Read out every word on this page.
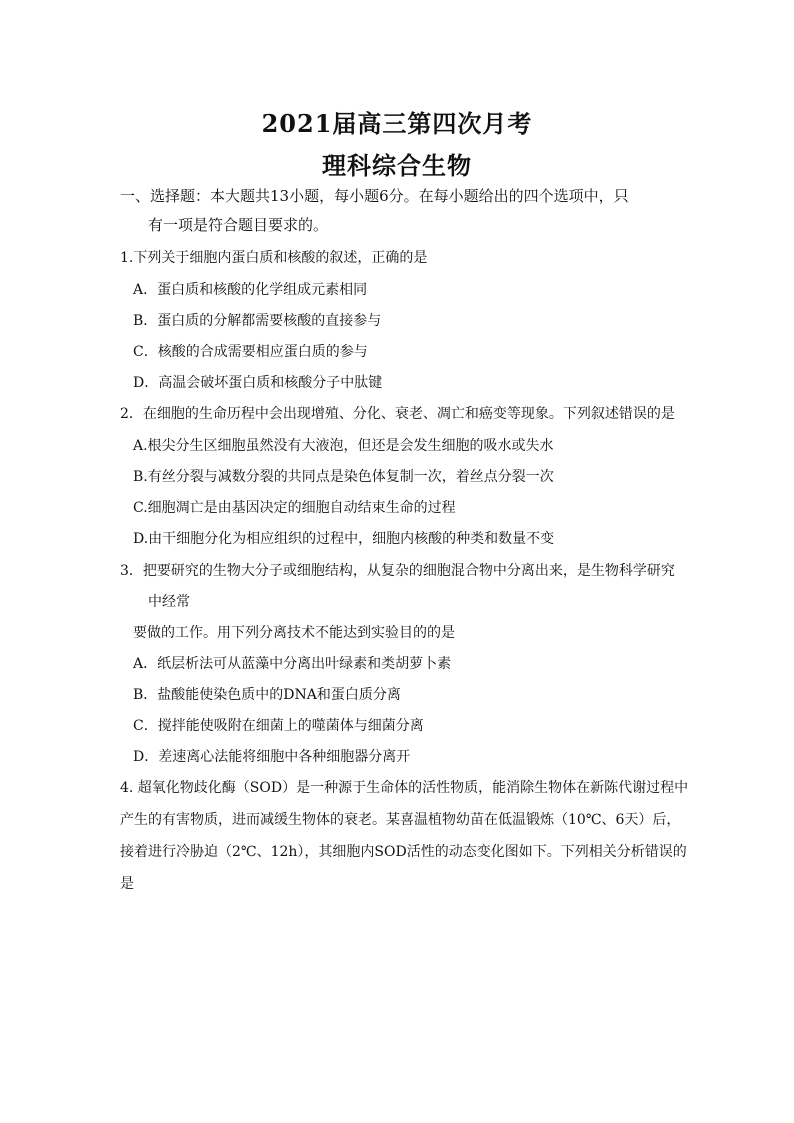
2021届高三第四次月考
理科综合生物
一、选择题：本大题共13小题，每小题6分。在每小题给出的四个选项中，只
有一项是符合题目要求的。
1.下列关于细胞内蛋白质和核酸的叙述，正确的是
A．蛋白质和核酸的化学组成元素相同
B．蛋白质的分解都需要核酸的直接参与
C．核酸的合成需要相应蛋白质的参与
D．高温会破坏蛋白质和核酸分子中肽键
2．在细胞的生命历程中会出现增殖、分化、衰老、凋亡和癌变等现象。下列叙述错误的是
A.根尖分生区细胞虽然没有大液泡，但还是会发生细胞的吸水或失水
B.有丝分裂与减数分裂的共同点是染色体复制一次，着丝点分裂一次
C.细胞凋亡是由基因决定的细胞自动结束生命的过程
D.由干细胞分化为相应组织的过程中，细胞内核酸的种类和数量不变
3．把要研究的生物大分子或细胞结构，从复杂的细胞混合物中分离出来，是生物科学研究
中经常
要做的工作。用下列分离技术不能达到实验目的的是
A．纸层析法可从蓝藻中分离出叶绿素和类胡萝卜素
B．盐酸能使染色质中的DNA和蛋白质分离
C．搅拌能使吸附在细菌上的噬菌体与细菌分离
D．差速离心法能将细胞中各种细胞器分离开
4. 超氧化物歧化酶（SOD）是一种源于生命体的活性物质，能消除生物体在新陈代谢过程中
产生的有害物质，进而减缓生物体的衰老。某喜温植物幼苗在低温锻炼（10℃、6天）后，
接着进行冷胁迫（2℃、12h），其细胞内SOD活性的动态变化图如下。下列相关分析错误的
是
